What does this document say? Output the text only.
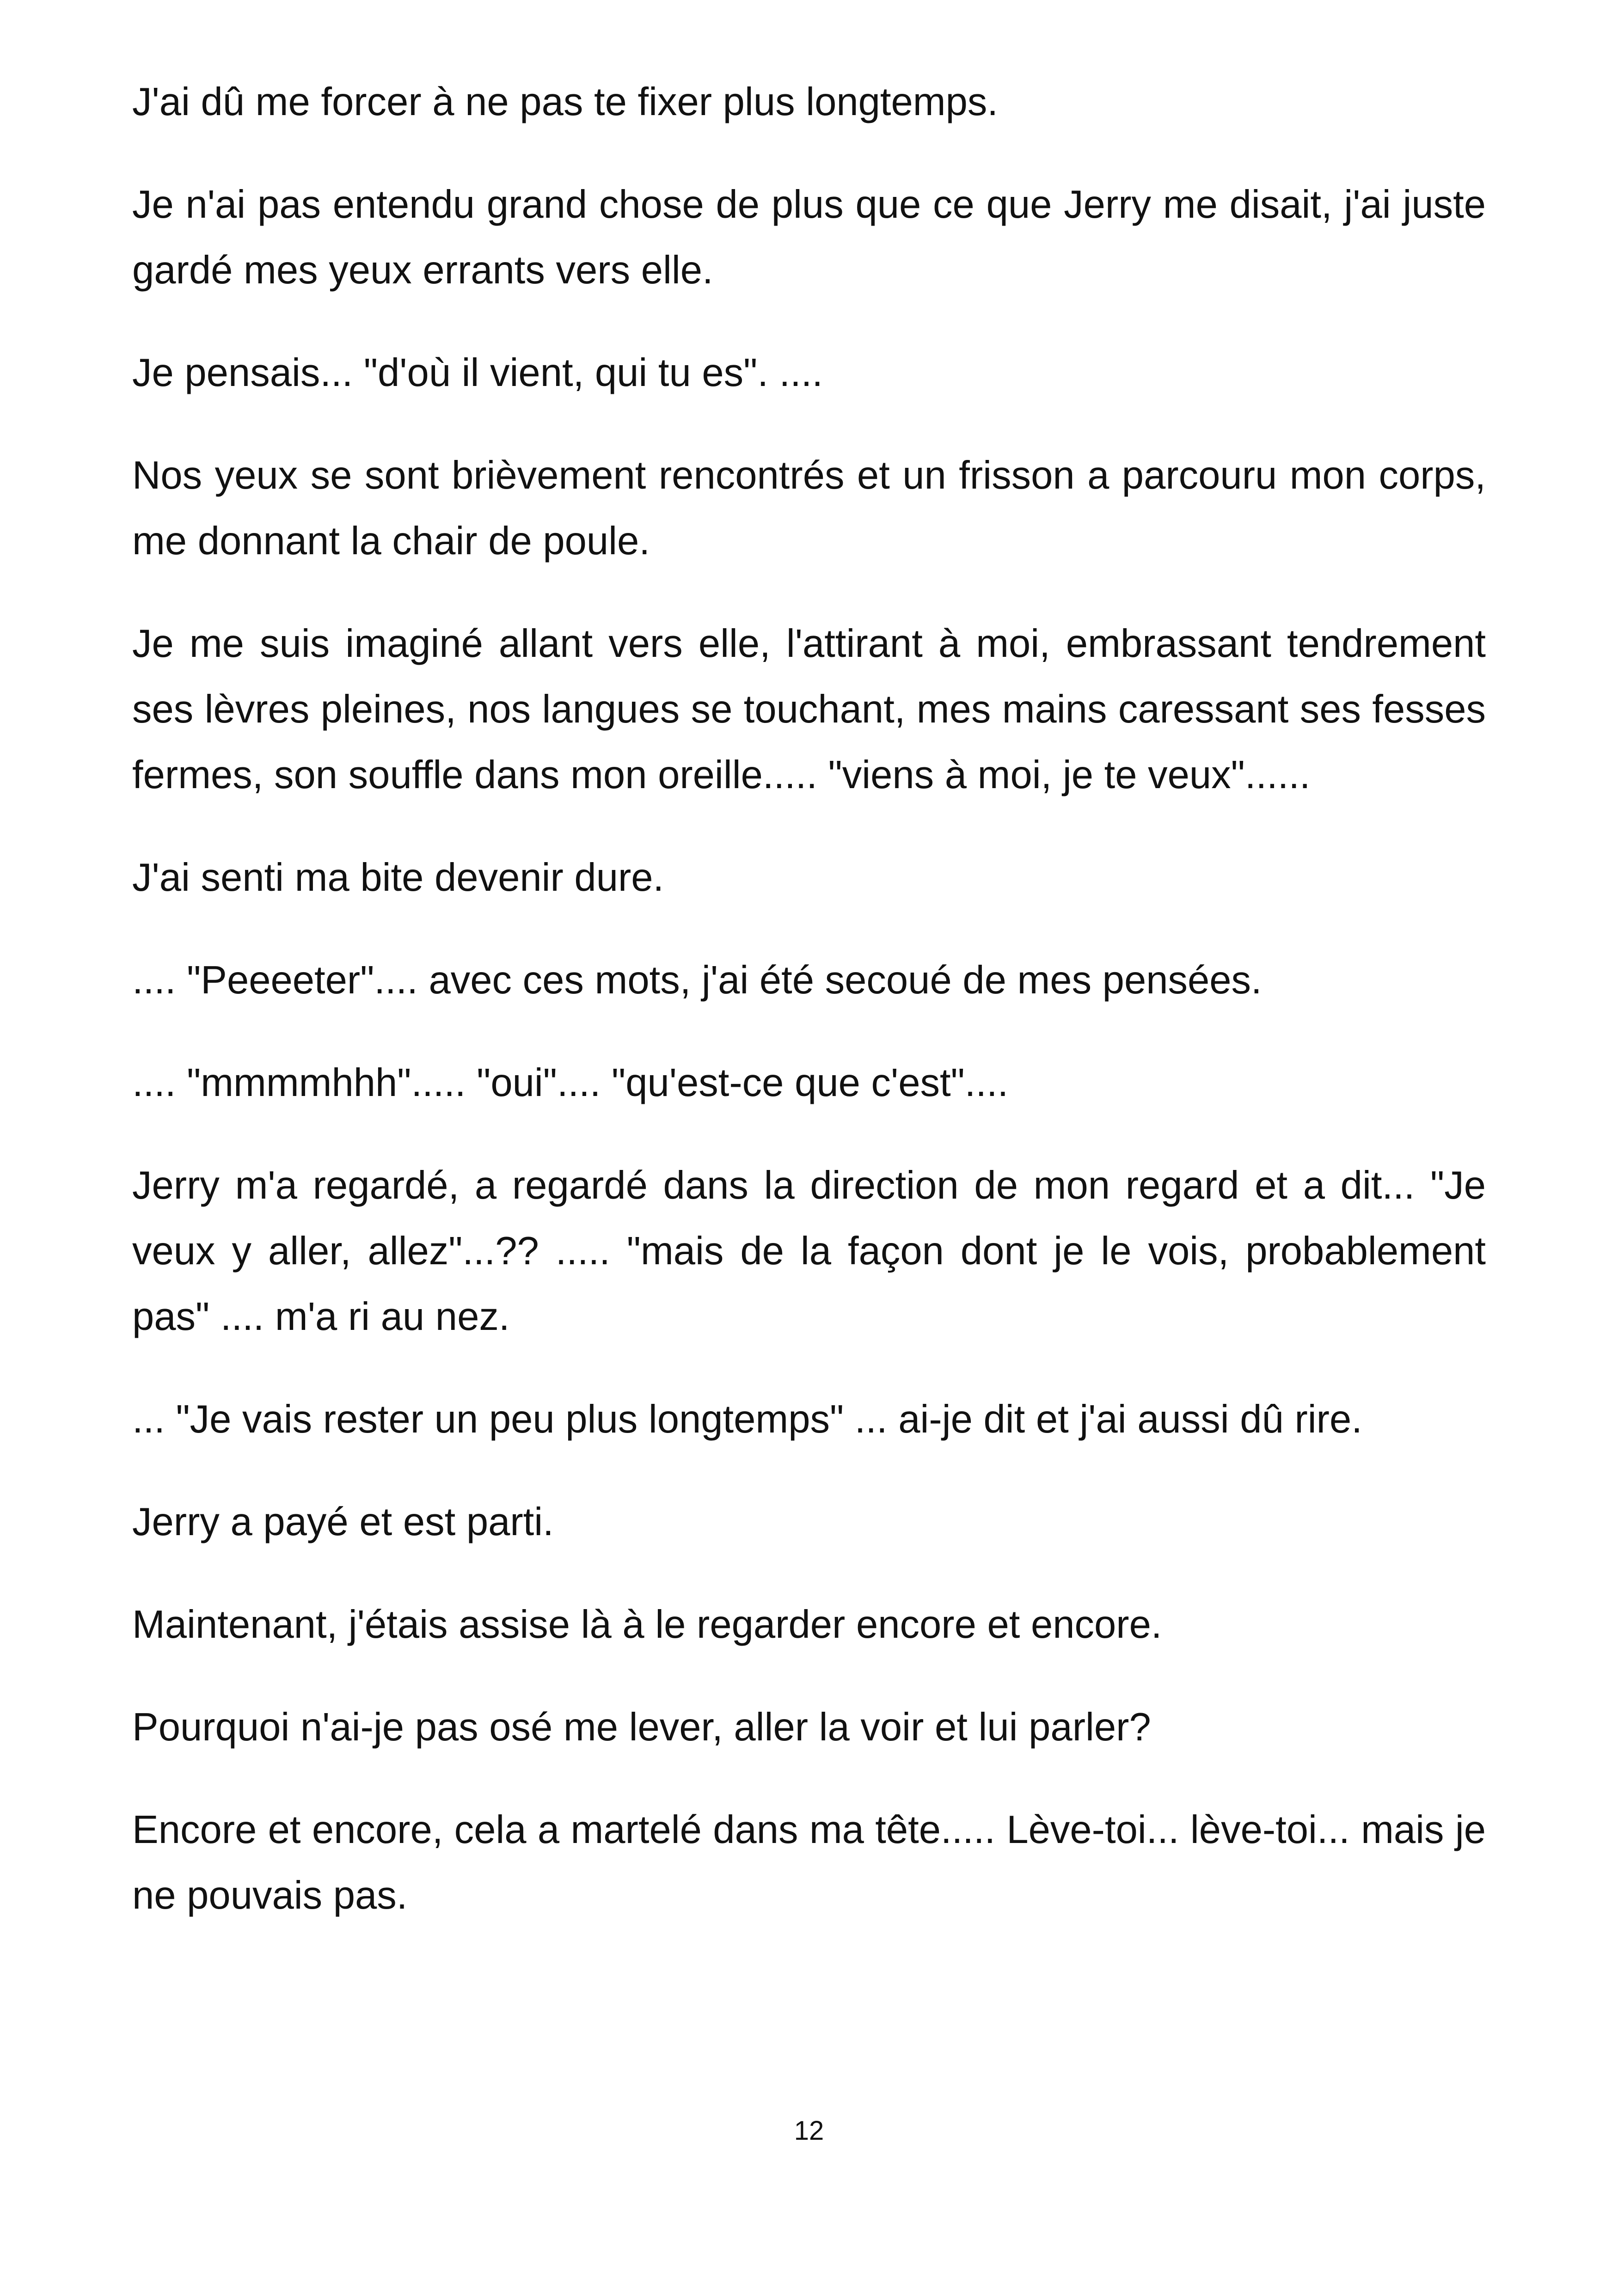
J'ai dû me forcer à ne pas te fixer plus longtemps.

Je n'ai pas entendu grand chose de plus que ce que Jerry me disait, j'ai juste gardé mes yeux errants vers elle.

Je pensais... "d'où il vient, qui tu es". ....

Nos yeux se sont brièvement rencontrés et un frisson a parcouru mon corps, me donnant la chair de poule.

Je me suis imaginé allant vers elle, l'attirant à moi, embrassant tendrement ses lèvres pleines, nos langues se touchant, mes mains caressant ses fesses fermes, son souffle dans mon oreille..... "viens à moi, je te veux"......

J'ai senti ma bite devenir dure.

.... "Peeeeter".... avec ces mots, j'ai été secoué de mes pensées.

.... "mmmmhhh"..... "oui".... "qu'est-ce que c'est"....

Jerry m'a regardé, a regardé dans la direction de mon regard et a dit... "Je veux y aller, allez"...?? ..... "mais de la façon dont je le vois, probablement pas" .... m'a ri au nez.

... "Je vais rester un peu plus longtemps" ... ai-je dit et j'ai aussi dû rire.

Jerry a payé et est parti.

Maintenant, j'étais assise là à le regarder encore et encore.

Pourquoi n'ai-je pas osé me lever, aller la voir et lui parler?

Encore et encore, cela a martelé dans ma tête..... Lève-toi... lève-toi... mais je ne pouvais pas.

12
